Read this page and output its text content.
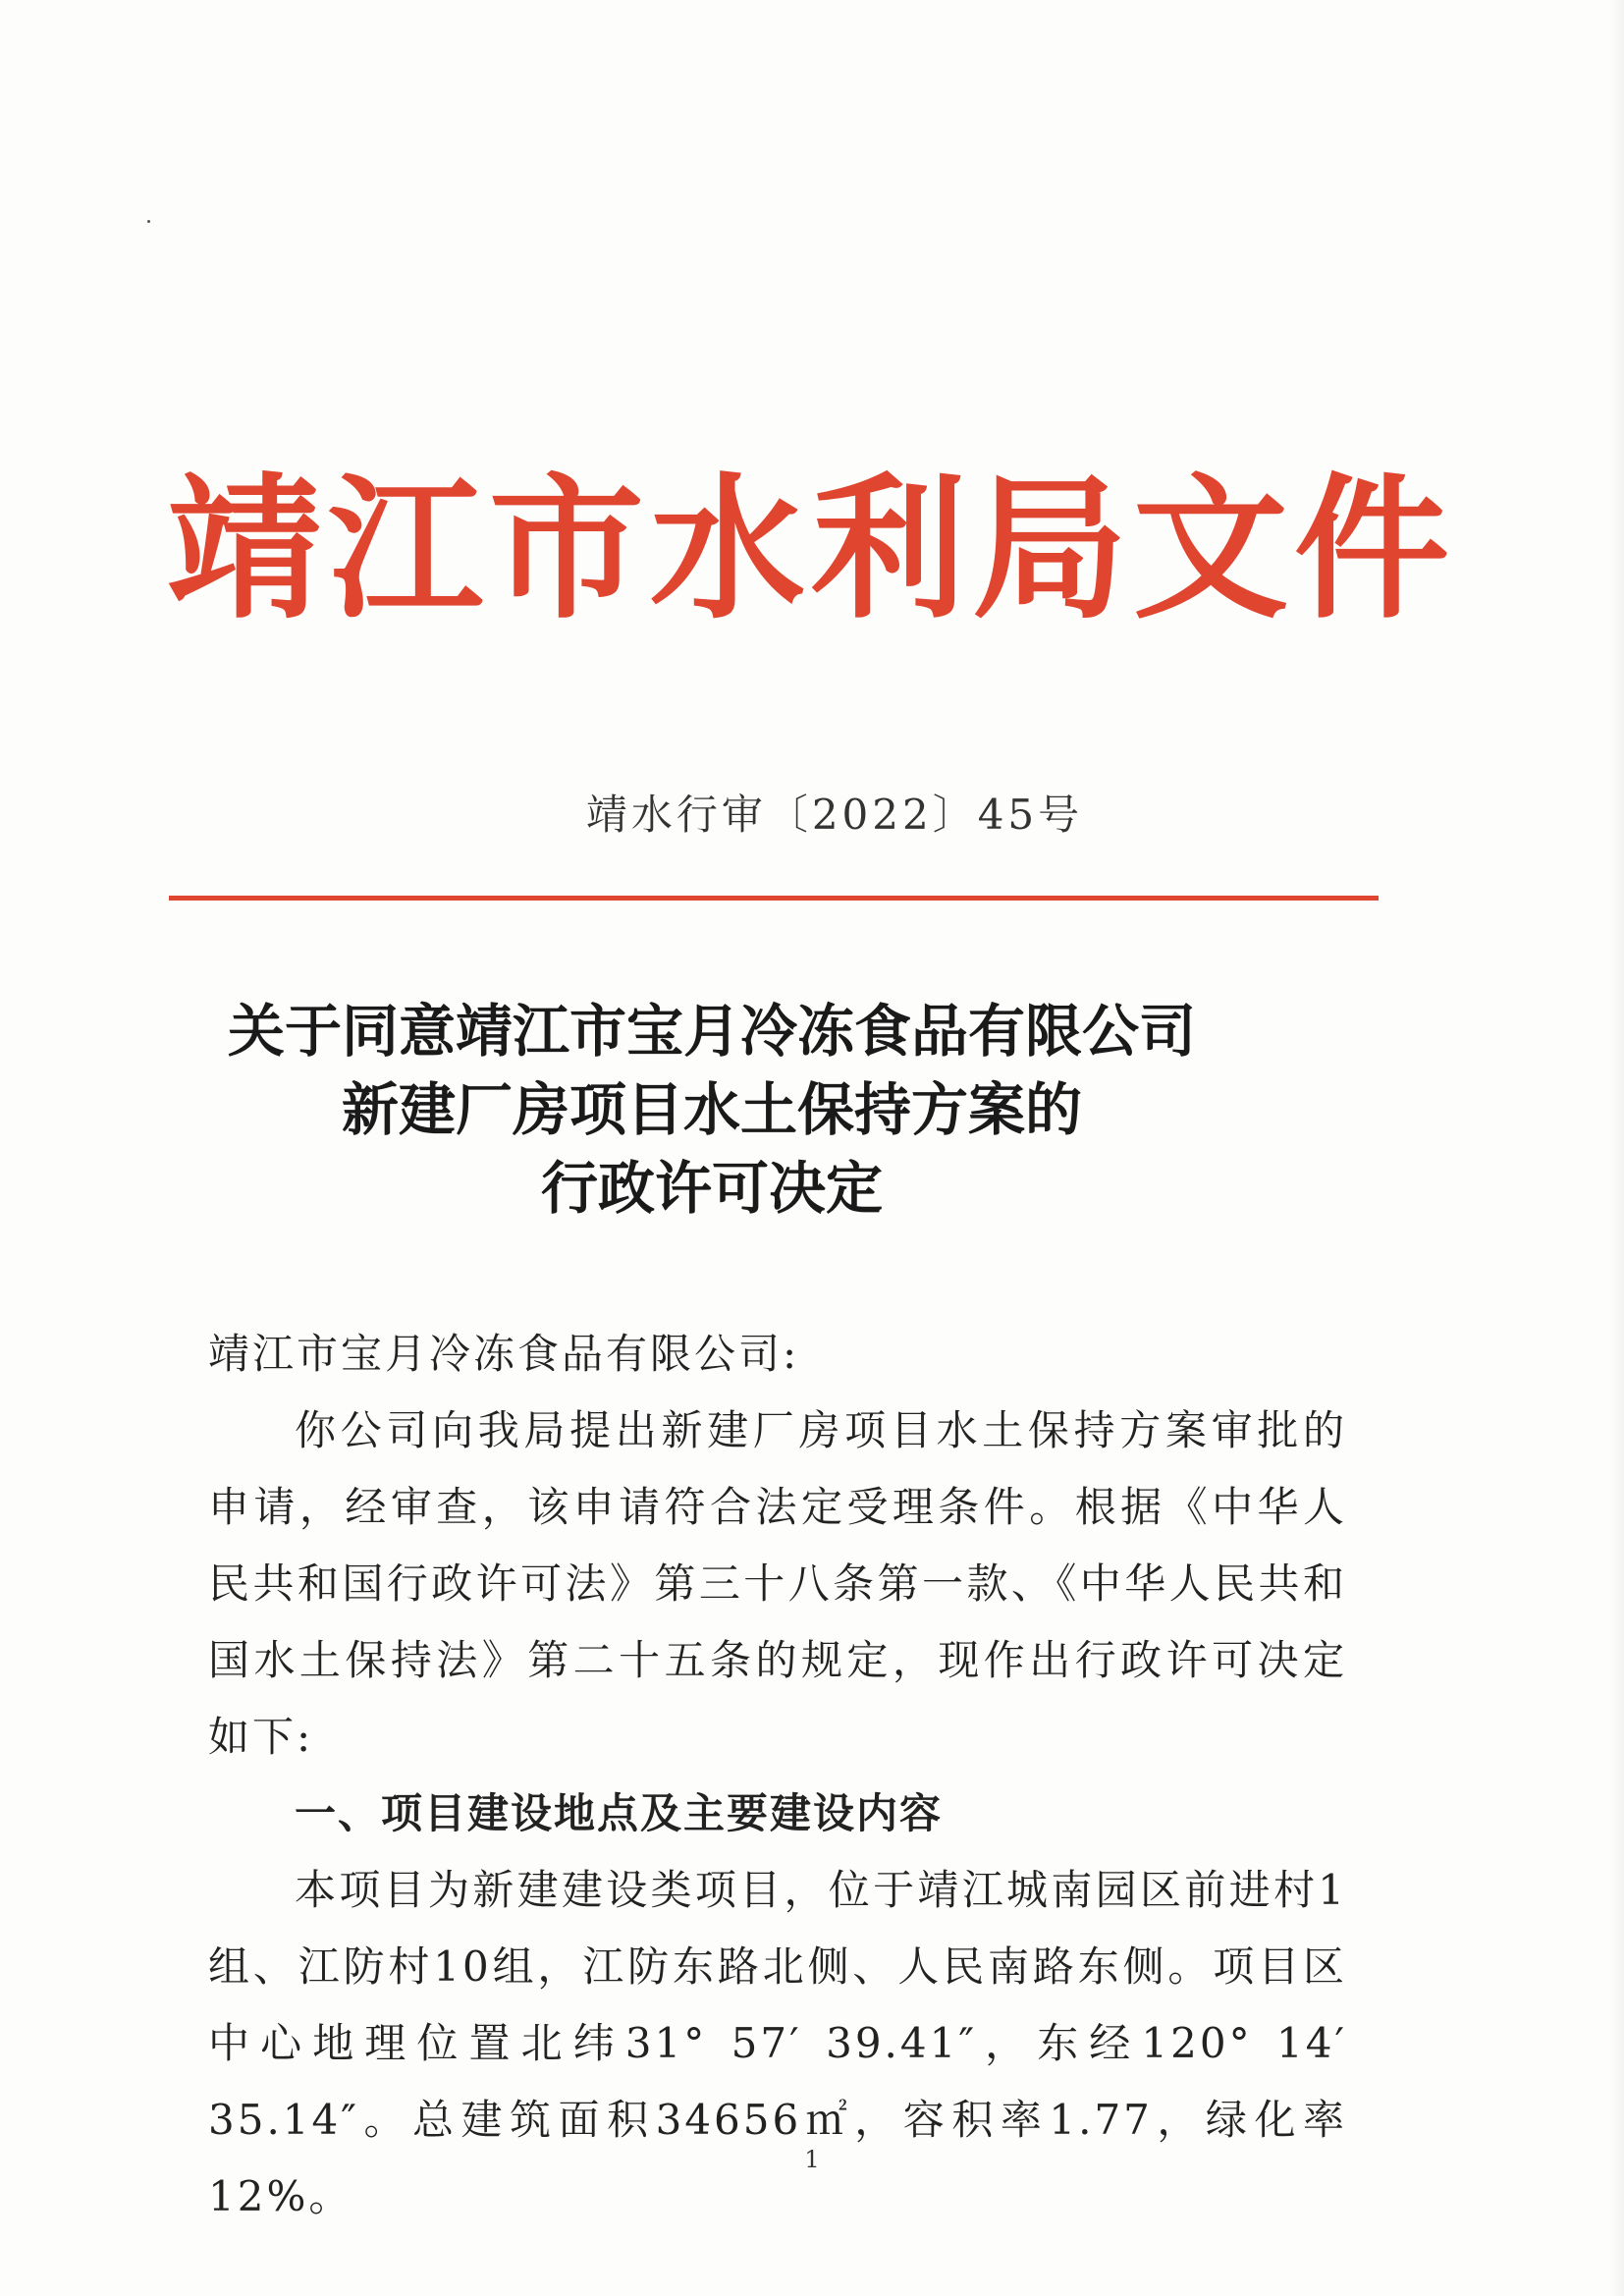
靖江市水利局文件
靖水行审〔2022〕45号
关于同意靖江市宝月冷冻食品有限公司
新建厂房项目水土保持方案的
行政许可决定

靖江市宝月冷冻食品有限公司:

你公司向我局提出新建厂房项目水土保持方案审批的申请，经审查，该申请符合法定受理条件。根据《中华人民共和国行政许可法》第三十八条第一款、《中华人民共和国水土保持法》第二十五条的规定，现作出行政许可决定如下:

一、项目建设地点及主要建设内容

本项目为新建建设类项目，位于靖江城南园区前进村1组、江防村10组，江防东路北侧、人民南路东侧。项目区中心地理位置北纬31° 57′ 39.41″，东经120° 14′ 35.14″。总建筑面积34656㎡，容积率1.77，绿化率12%。

1
